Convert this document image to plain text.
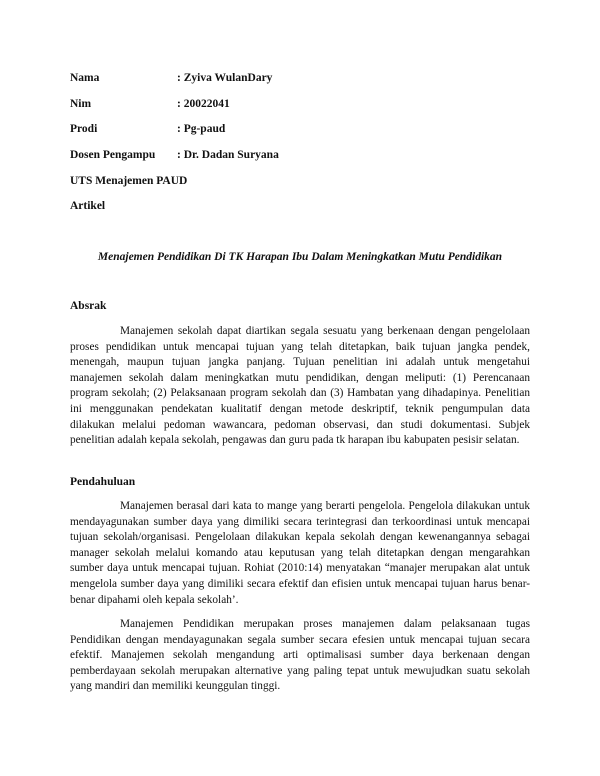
Nama	: Zyiva WulanDary
Nim	: 20022041
Prodi	: Pg-paud
Dosen Pengampu : Dr. Dadan Suryana
UTS Menajemen PAUD
Artikel
Menajemen Pendidikan Di TK Harapan Ibu Dalam Meningkatkan Mutu Pendidikan
Absrak

Manajemen sekolah dapat diartikan segala sesuatu yang berkenaan dengan pengelolaan proses pendidikan untuk mencapai tujuan yang telah ditetapkan, baik tujuan jangka pendek, menengah, maupun tujuan jangka panjang. Tujuan penelitian ini adalah untuk mengetahui manajemen sekolah dalam meningkatkan mutu pendidikan, dengan meliputi: (1) Perencanaan program sekolah; (2) Pelaksanaan program sekolah dan (3) Hambatan yang dihadapinya. Penelitian ini menggunakan pendekatan kualitatif dengan metode deskriptif, teknik pengumpulan data dilakukan melalui pedoman wawancara, pedoman observasi, dan studi dokumentasi. Subjek penelitian adalah kepala sekolah, pengawas dan guru pada tk harapan ibu kabupaten pesisir selatan.

Pendahuluan

Manajemen berasal dari kata to mange yang berarti pengelola. Pengelola dilakukan untuk mendayagunakan sumber daya yang dimiliki secara terintegrasi dan terkoordinasi untuk mencapai tujuan sekolah/organisasi. Pengelolaan dilakukan kepala sekolah dengan kewenangannya sebagai manager sekolah melalui komando atau keputusan yang telah ditetapkan dengan mengarahkan sumber daya untuk mencapai tujuan. Rohiat (2010:14) menyatakan “manajer merupakan alat untuk mengelola sumber daya yang dimiliki secara efektif dan efisien untuk mencapai tujuan harus benar-benar dipahami oleh kepala sekolah’.

Manajemen Pendidikan merupakan proses manajemen dalam pelaksanaan tugas Pendidikan dengan mendayagunakan segala sumber secara efesien untuk mencapai tujuan secara efektif. Manajemen sekolah mengandung arti optimalisasi sumber daya berkenaan dengan pemberdayaan sekolah merupakan alternative yang paling tepat untuk mewujudkan suatu sekolah yang mandiri dan memiliki keunggulan tinggi.
